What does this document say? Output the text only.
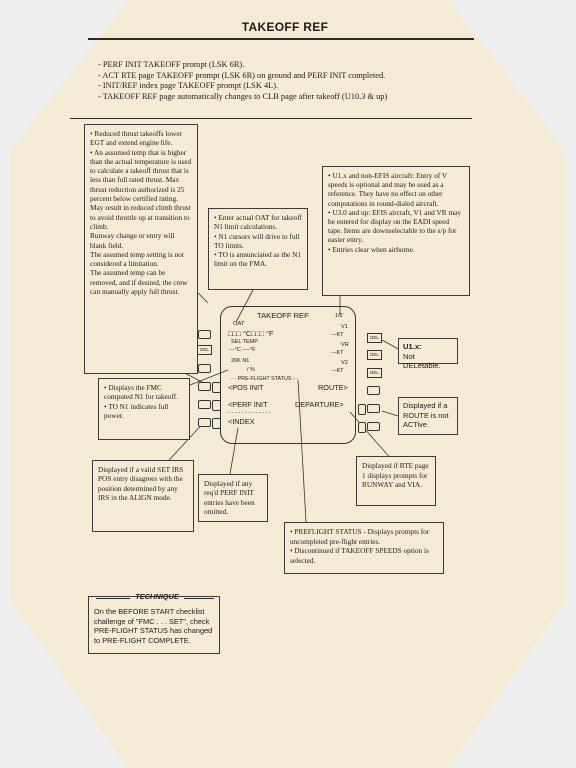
TAKEOFF REF
- PERF INIT TAKEOFF prompt (LSK 6R).
- ACT RTE page TAKEOFF prompt (LSK 6R) on ground and PERF INIT completed.
- INIT/REF index page TAKEOFF prompt (LSK 4L).
- TAKEOFF REF page automatically changes to CLB page after takeoff (U10.3 & up)

• Reduced thrust takeoffs lower EGT and extend engine life.

• An assumed temp that is higher than the actual temperature is used to calculate a takeoff thrust that is less than full rated thrust. Max thrust reduction authorized is 25 percent below certified rating.

May result in reduced climb thrust to avoid throttle up at transition to climb.

Runway change or entry will blank field.

The assumed temp setting is not considered a limitation.

The assumed temp can be removed, and if desired, the crew can manually apply full thrust.

• Enter actual OAT for takeoff N1 limit calculations.

• N1 cursors will drive to full TO limits.

• TO is annunciated as the N1 limit on the FMA.

• U1.x and non-EFIS aircraft: Entry of V speeds is optional and may be used as a reference. They have no effect on other computations in round-dialed aircraft.

• U3.0 and up: EFIS aircraft, V1 and VR may be entered for display on the EADI speed tape. Items are downselectable to the s/p for easier entry.

• Entries clear when airborne.

U1.x:

Not DELetable.

• Displays the FMC computed N1 for takeoff.

• TO N1 indicates full power.

Displayed if a ROUTE is not ACTive.

Displayed if a valid SET IRS POS entry disagrees with the position determined by any IRS in the ALIGN mode.

Displayed if any req'd PERF INIT entries have been omitted.

Displayed if RTE page 1 displays prompts for RUNWAY and VIA.

• PREFLIGHT STATUS - Displays prompts for uncompleted pre-flight entries.

• Discontinued if TAKEOFF SPEEDS option is selected.

On the BEFORE START checklist challenge of "FMC . . . SET", check PRE-FLIGHT STATUS has changed to PRE-FLIGHT COMPLETE.

TECHNIQUE
TAKEOFF REF	1/2
OAT	V1
□□□ °C□□□ °F	---KT
SEL TEMP	VR
---°C ----°F	---KT
20K N1	V2
/ %	---KT
- - PRE-FLIGHT STATUS - -
<POS INIT	ROUTE>
<PERF INIT	DEPARTURE>
- - - - - - - - - - - - -
<INDEX
DEL
DEL
DEL
DEL
